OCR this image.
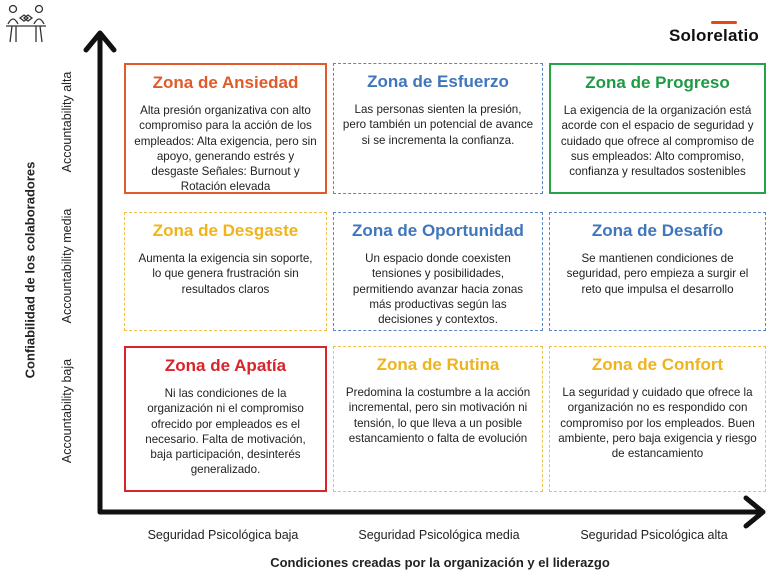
Solorelatio
Confiabilidad de los colaboradores
Accountability alta
Accountability media
Accountability baja
Seguridad Psicológica baja	Seguridad Psicológica media	Seguridad Psicológica alta
Condiciones creadas por la organización y el liderazgo
Zona de Ansiedad
Alta presión organizativa con alto compromiso para la acción de los empleados: Alta exigencia, pero sin apoyo, generando estrés y desgaste Señales: Burnout y Rotación elevada
Zona de Esfuerzo
Las personas sienten la presión, pero también un potencial de avance si se incrementa la confianza.
Zona de Progreso
La exigencia de la organización está acorde con el espacio de seguridad y cuidado que ofrece al compromiso de sus empleados: Alto compromiso, confianza y resultados sostenibles
Zona de Desgaste
Aumenta la exigencia sin soporte, lo que genera frustración sin resultados claros
Zona de Oportunidad
Un espacio donde coexisten tensiones y posibilidades, permitiendo avanzar hacia zonas más productivas según las decisiones y contextos.
Zona de Desafío
Se mantienen condiciones de seguridad, pero empieza a surgir el reto que impulsa el desarrollo
Zona de Apatía
Ni las condiciones de la organización ni el compromiso ofrecido por empleados es el necesario. Falta de motivación, baja participación, desinterés generalizado.
Zona de Rutina
Predomina la costumbre a la acción incremental, pero sin motivación ni tensión, lo que lleva a un posible estancamiento o falta de evolución
Zona de Confort
La seguridad y cuidado que ofrece la organización no es respondido con compromiso por los empleados. Buen ambiente, pero baja exigencia y riesgo de estancamiento
